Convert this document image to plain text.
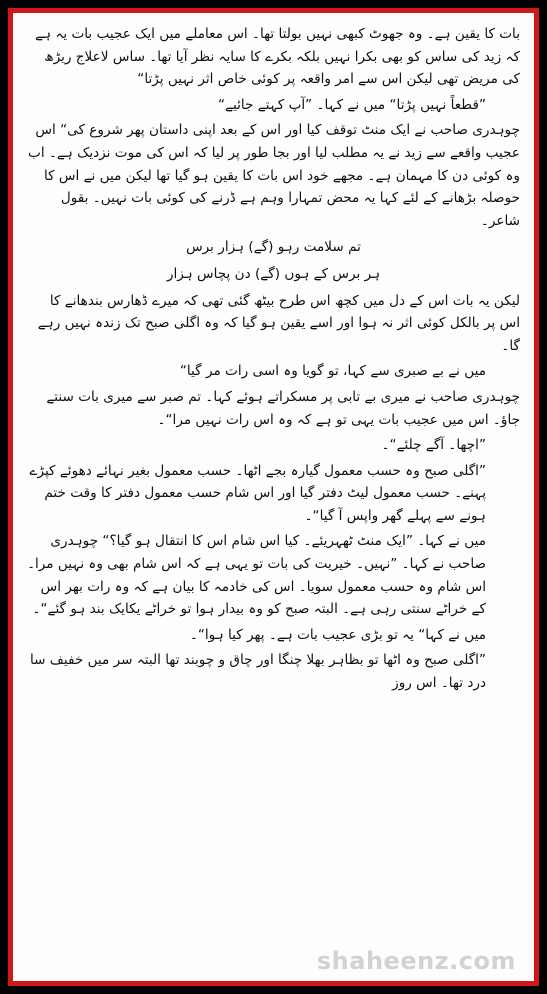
بات کا یقین ہے۔ وہ جھوٹ کبھی نہیں بولتا تھا۔ اس معاملے میں ایک عجیب بات یہ ہے کہ زید کی ساس کو بھی بکرا نہیں بلکہ بکرے کا سایہ نظر آیا تھا۔ ساس لاعلاج ریڑھ کی مریض تھی لیکن اس سے امر واقعہ پر کوئی خاص اثر نہیں پڑتا“

”قطعاً نہیں پڑتا“ میں نے کہا۔ ”آپ کہتے جائیے“

چوہدری صاحب نے ایک منٹ توقف کیا اور اس کے بعد اپنی داستان پھر شروع کی“ اس عجیب واقعے سے زید نے یہ مطلب لیا اور بجا طور پر لیا کہ اس کی موت نزدیک ہے۔ اب وہ کوئی دن کا مہمان ہے۔ مجھے خود اس بات کا یقین ہو گیا تھا لیکن میں نے اس کا حوصلہ بڑھانے کے لئے کہا یہ محض تمہارا وہم ہے ڈرنے کی کوئی بات نہیں۔ بقول شاعر۔

تم سلامت رہو (گے) ہزار برس

ہر برس کے ہوں (گے) دن پچاس ہزار

لیکن یہ بات اس کے دل میں کچھ اس طرح بیٹھ گئی تھی کہ میرے ڈھارس بندھانے کا اس پر بالکل کوئی اثر نہ ہوا اور اسے یقین ہو گیا کہ وہ اگلی صبح تک زندہ نہیں رہے گا۔

میں نے بے صبری سے کہا، تو گویا وہ اسی رات مر گیا“

چوہدری صاحب نے میری بے تابی پر مسکراتے ہوئے کہا۔ تم صبر سے میری بات سنتے جاؤ۔ اس میں عجیب بات یہی تو ہے کہ وہ اس رات نہیں مرا“۔

”اچھا۔ آگے چلئے“۔

”اگلی صبح وہ حسب معمول گیارہ بجے اٹھا۔ حسب معمول بغیر نہائے دھوئے کپڑے پہنے۔ حسب معمول لیٹ دفتر گیا اور اس شام حسب معمول دفتر کا وقت ختم ہونے سے پہلے گھر واپس آ گیا“۔

میں نے کہا۔ ”ایک منٹ ٹھہریئے۔ کیا اس شام اس کا انتقال ہو گیا؟“ چوہدری صاحب نے کہا۔ ”نہیں۔ خیریت کی بات تو یہی ہے کہ اس شام بھی وہ نہیں مرا۔ اس شام وہ حسب معمول سویا۔ اس کی خادمہ کا بیان ہے کہ وہ رات بھر اس کے خراٹے سنتی رہی ہے۔ البتہ صبح کو وہ بیدار ہوا تو خراٹے یکایک بند ہو گئے“۔

میں نے کہا“ یہ تو بڑی عجیب بات ہے۔ پھر کیا ہوا“۔

”اگلی صبح وہ اٹھا تو بظاہر بھلا چنگا اور چاق و چوبند تھا البتہ سر میں خفیف سا درد تھا۔ اس روز

shaheenz.com
